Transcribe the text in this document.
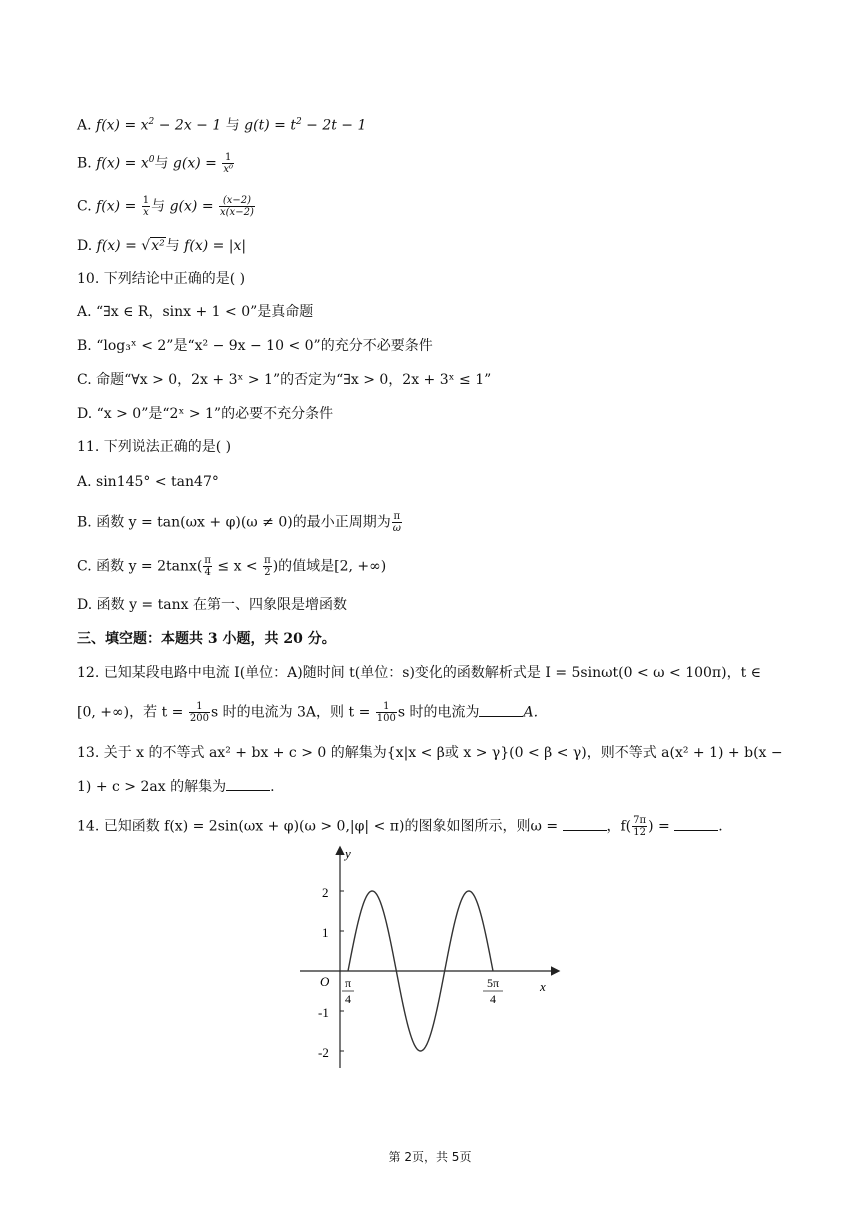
A. $f(x) = x^2 - 2x - 1$ 与 $g(t) = t^2 - 2t - 1$
B. $f(x) = x^0$与 $g(x) = \frac{1}{\text{x⁰}}$
C. $f(x) = \frac{1}{x}$ 与 $g(x) = \frac{(x-2)}{x(x-2)}$
D. f(x) = √x²与 f(x) = |x|
10. 下列结论中正确的是( )
A. “∃x ∈ R，sinx + 1 < 0”是真命题
B. “log₃ˣ < 2”是“x² − 9x − 10 < 0”的充分不必要条件
C. 命题“∀x > 0，2x + 3ˣ > 1”的否定为“∃x > 0，2x + 3ˣ ≤ 1”
D. “x > 0”是“2ˣ > 1”的必要不充分条件
11. 下列说法正确的是( )
A. sin145° < tan47°
B. 函数 y = tan(ωx + φ)(ω ≠ 0)的最小正周期为 $\frac{\pi}{\omega}$
C. 函数 $y = 2\tan x( \frac{\pi}{4} \le x < \frac{\pi}{2}$ )的值域是[2, +∞)
D. 函数 y = tanx 在第一、四象限是增函数
三、填空题：本题共 3 小题，共 20 分。
12. 已知某段电路中电流 I(单位：A)随时间 t(单位：s)变化的函数解析式是 I = 5sinωt(0 < ω < 100π)，t ∈
[0, +∞)，若 $t = \frac{1}{200}$ s 时的电流为 3A，则 $t = \frac{1}{100}$ s 时的电流为	A.
13. 关于 x 的不等式 ax² + bx + c > 0 的解集为{x|x < β或 x > γ}(0 < β < γ)，则不等式 a(x² + 1) + b(x −
1) + c > 2ax 的解集为	.
14. 已知函数 f(x) = 2sin(ωx + φ)(ω > 0,|φ| < π)的图象如图所示，则ω =	，$f( \frac{7\pi}{12}$ ) =	.
y
x
O
2
1
-1
-2
π
4
5π
4
第 2页，共 5页
